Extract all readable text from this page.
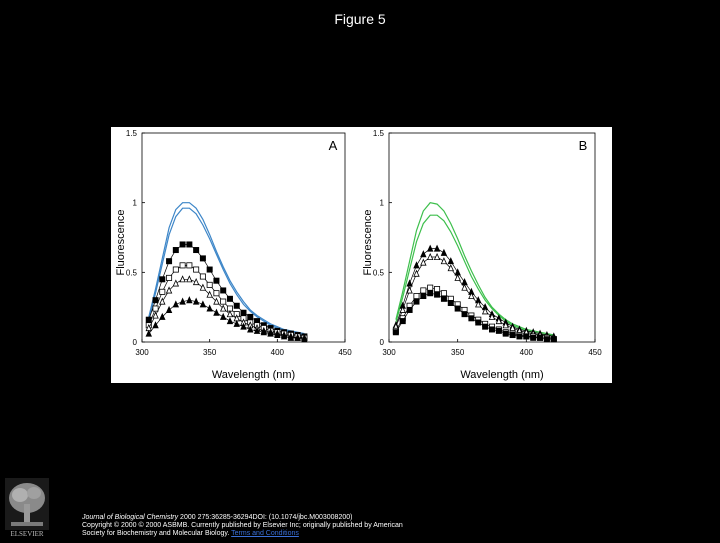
Figure 5
0
0.5
1
1.5
300	350	400	450
Wavelength (nm)
Fluorescence
A
0
0.5
1
1.5
300	350	400	450
Wavelength (nm)
Fluorescence
B
ELSEVIER
Journal of Biological Chemistry 2000 275:36285-36294DOI: (10.1074/jbc.M003008200)
Copyright © 2000 © 2000 ASBMB. Currently published by Elsevier Inc; originally published by American
Society for Biochemistry and Molecular Biology. Terms and Conditions
